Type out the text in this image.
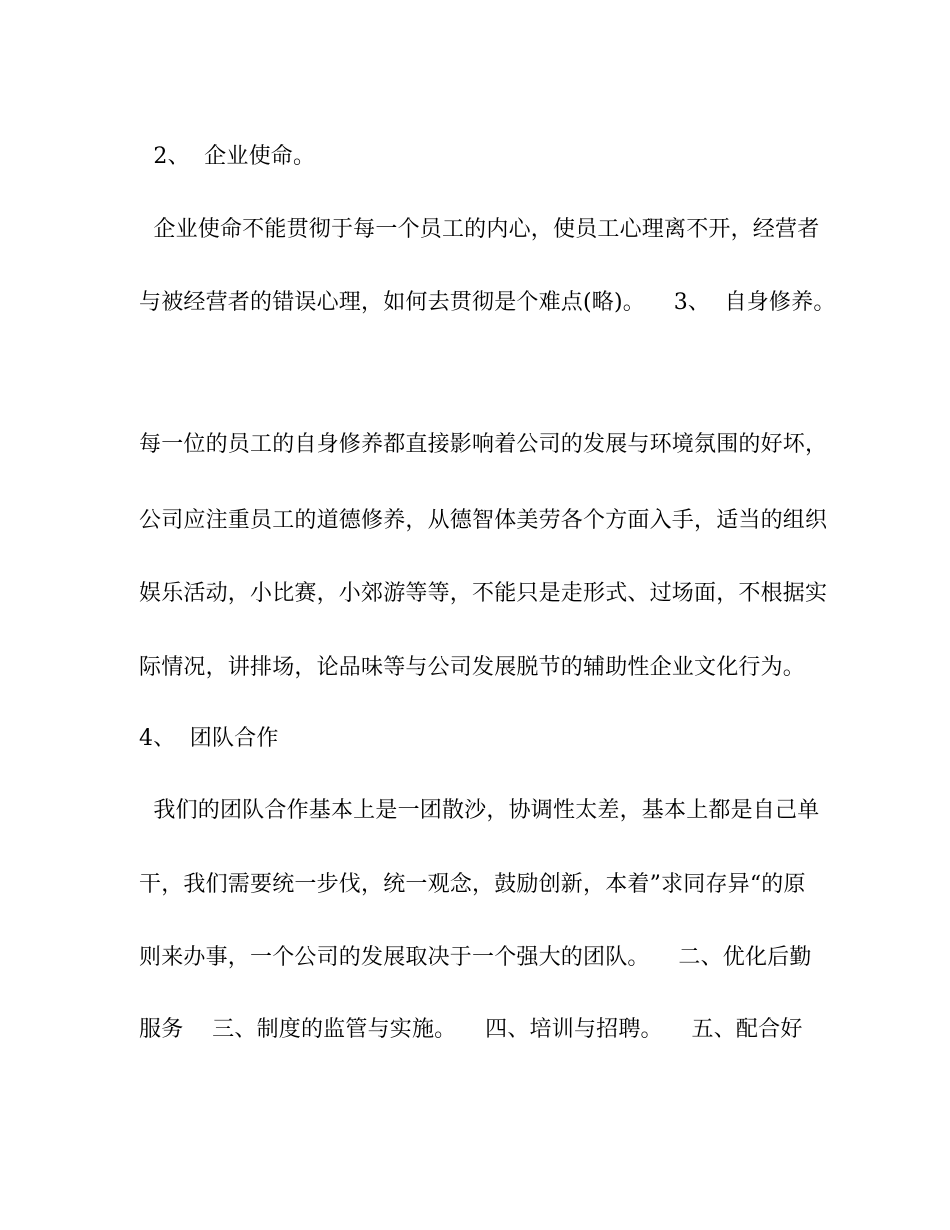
2、  企业使命。
企业使命不能贯彻于每一个员工的内心，使员工心理离不开，经营者
与被经营者的错误心理，如何去贯彻是个难点(略)。    3、  自身修养。
每一位的员工的自身修养都直接影响着公司的发展与环境氛围的好坏，
公司应注重员工的道德修养，从德智体美劳各个方面入手，适当的组织
娱乐活动，小比赛，小郊游等等，不能只是走形式、过场面，不根据实
际情况，讲排场，论品味等与公司发展脱节的辅助性企业文化行为。
4、  团队合作
我们的团队合作基本上是一团散沙，协调性太差，基本上都是自己单
干，我们需要统一步伐，统一观念，鼓励创新，本着”求同存异“的原
则来办事，一个公司的发展取决于一个强大的团队。    二、优化后勤
服务    三、制度的监管与实施。    四、培训与招聘。    五、配合好
